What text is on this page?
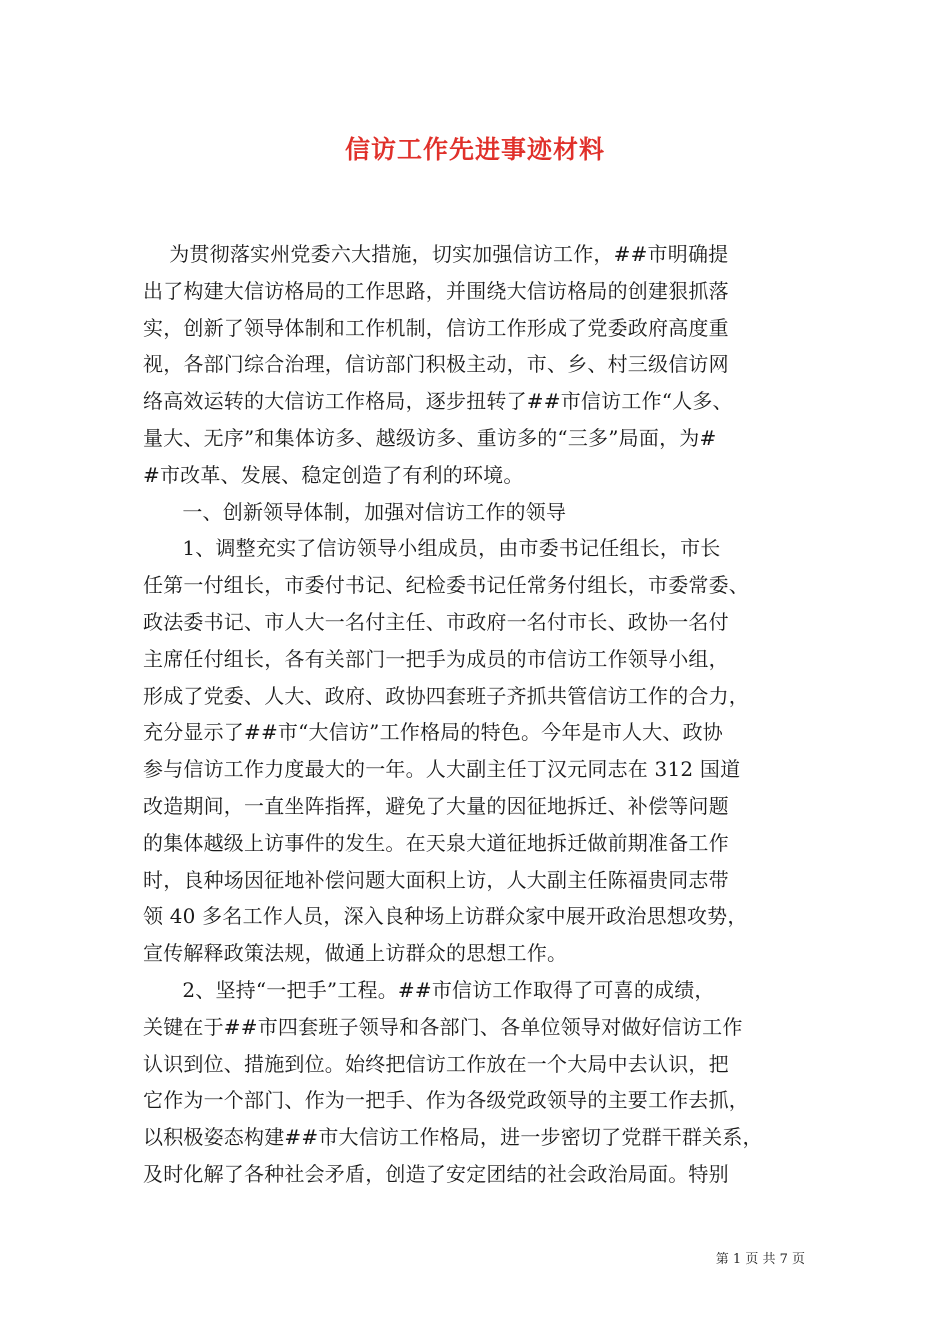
信访工作先进事迹材料
为贯彻落实州党委六大措施，切实加强信访工作，##市明确提
出了构建大信访格局的工作思路，并围绕大信访格局的创建狠抓落
实，创新了领导体制和工作机制，信访工作形成了党委政府高度重
视，各部门综合治理，信访部门积极主动，市、乡、村三级信访网
络高效运转的大信访工作格局，逐步扭转了##市信访工作“人多、
量大、无序”和集体访多、越级访多、重访多的“三多”局面，为#
#市改革、发展、稳定创造了有利的环境。
一、创新领导体制，加强对信访工作的领导
1、调整充实了信访领导小组成员，由市委书记任组长，市长
任第一付组长，市委付书记、纪检委书记任常务付组长，市委常委、
政法委书记、市人大一名付主任、市政府一名付市长、政协一名付
主席任付组长，各有关部门一把手为成员的市信访工作领导小组，
形成了党委、人大、政府、政协四套班子齐抓共管信访工作的合力，
充分显示了##市“大信访”工作格局的特色。今年是市人大、政协
参与信访工作力度最大的一年。人大副主任丁汉元同志在 312 国道
改造期间，一直坐阵指挥，避免了大量的因征地拆迁、补偿等问题
的集体越级上访事件的发生。在天泉大道征地拆迁做前期准备工作
时，良种场因征地补偿问题大面积上访，人大副主任陈福贵同志带
领 40 多名工作人员，深入良种场上访群众家中展开政治思想攻势，
宣传解释政策法规，做通上访群众的思想工作。
2、坚持“一把手”工程。##市信访工作取得了可喜的成绩，
关键在于##市四套班子领导和各部门、各单位领导对做好信访工作
认识到位、措施到位。始终把信访工作放在一个大局中去认识，把
它作为一个部门、作为一把手、作为各级党政领导的主要工作去抓，
以积极姿态构建##市大信访工作格局，进一步密切了党群干群关系，
及时化解了各种社会矛盾，创造了安定团结的社会政治局面。特别
第 1 页 共 7 页
